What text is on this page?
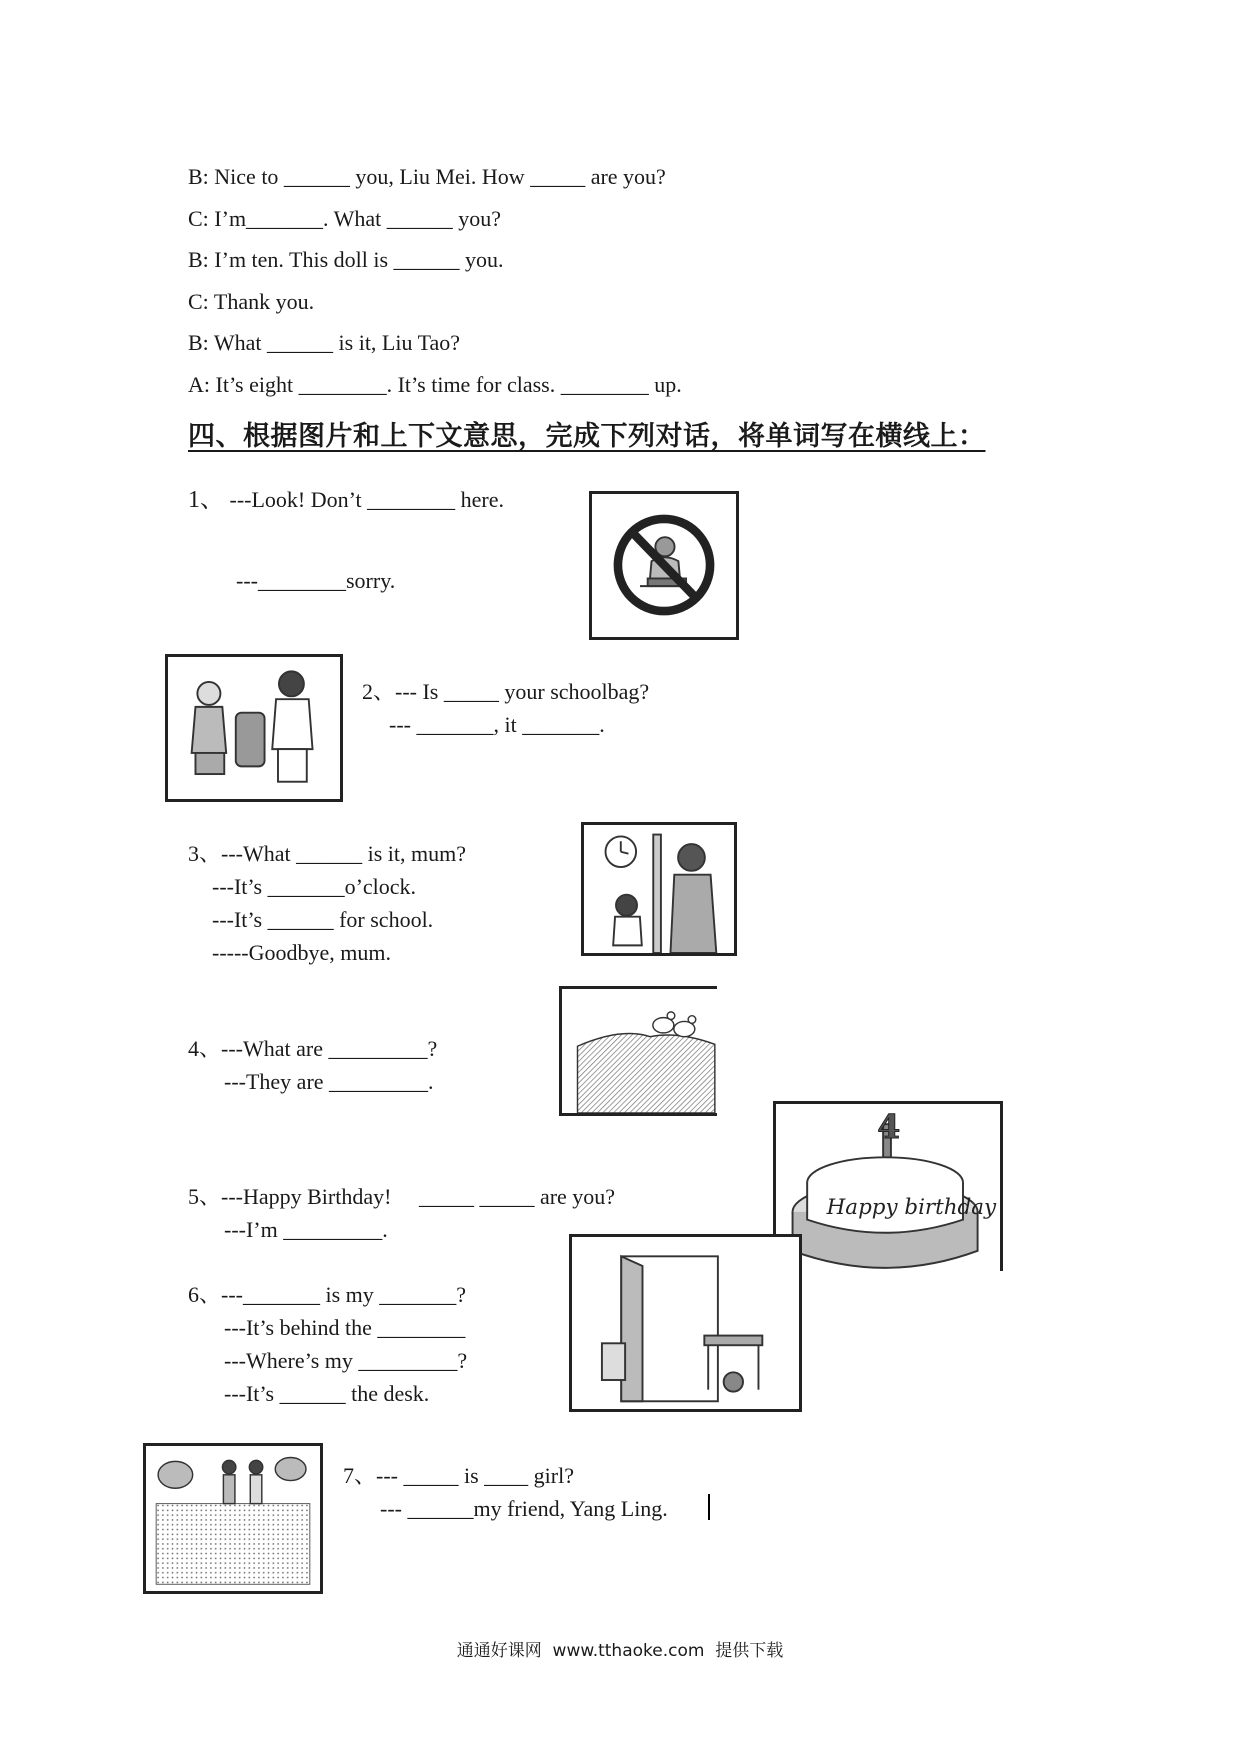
B: Nice to ______ you, Liu Mei. How _____ are you?
C: I’m_______. What ______ you?
B: I’m ten. This doll is ______ you.
C: Thank you.
B: What ______ is it, Liu Tao?
A: It’s eight ________. It’s time for class. ________ up.
四、根据图片和上下文意思，完成下列对话，将单词写在横线上：
1、 ---Look! Don’t ________ here.
---________sorry.
2、--- Is _____ your schoolbag?
--- _______, it _______.
3、---What ______ is it, mum?
---It’s _______o’clock.
---It’s ______ for school.
-----Goodbye, mum.
4、---What are _________?
---They are _________.
4
Happy birthday
5、---Happy Birthday!     _____ _____ are you?
---I’m _________.
6、---_______ is my _______?
---It’s behind the ________
---Where’s my _________?
---It’s ______ the desk.
7、--- _____ is ____ girl?
--- ______my friend, Yang Ling.
通通好课网  www.tthaoke.com  提供下载
